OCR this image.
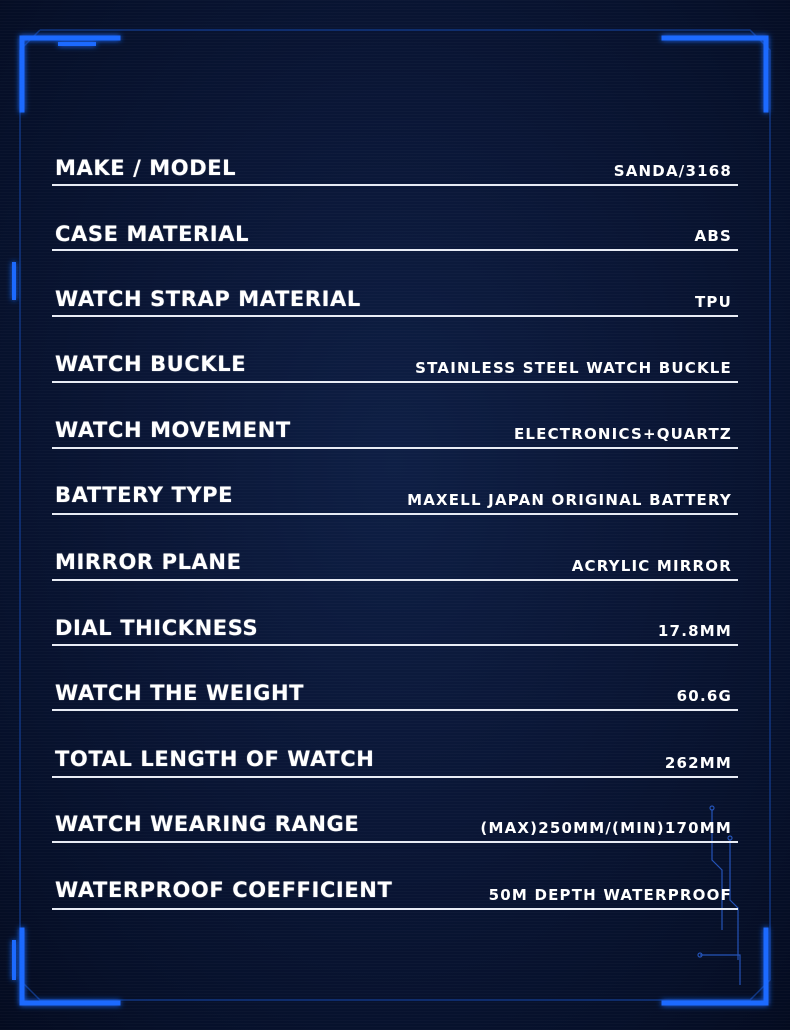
MAKE / MODEL	SANDA/3168
CASE MATERIAL	ABS
WATCH STRAP MATERIAL	TPU
WATCH BUCKLE	STAINLESS STEEL WATCH BUCKLE
WATCH MOVEMENT	ELECTRONICS+QUARTZ
BATTERY TYPE	MAXELL JAPAN ORIGINAL BATTERY
MIRROR PLANE	ACRYLIC MIRROR
DIAL THICKNESS	17.8MM
WATCH THE WEIGHT	60.6G
TOTAL LENGTH OF WATCH	262MM
WATCH WEARING RANGE	(MAX)250MM/(MIN)170MM
WATERPROOF COEFFICIENT	50M DEPTH WATERPROOF
